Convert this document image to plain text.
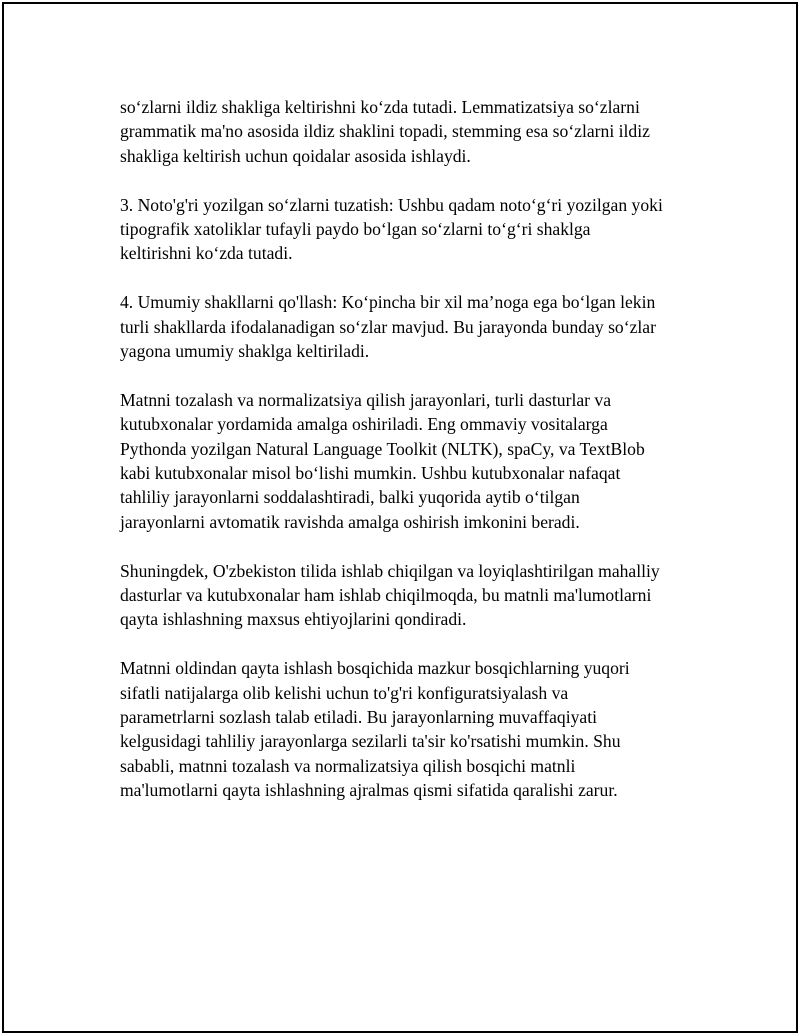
so‘zlarni ildiz shakliga keltirishni ko‘zda tutadi. Lemmatizatsiya so‘zlarni
grammatik ma'no asosida ildiz shaklini topadi, stemming esa so‘zlarni ildiz
shakliga keltirish uchun qoidalar asosida ishlaydi.

3. Noto'g'ri yozilgan so‘zlarni tuzatish: Ushbu qadam noto‘g‘ri yozilgan yoki
tipografik xatoliklar tufayli paydo bo‘lgan so‘zlarni to‘g‘ri shaklga
keltirishni ko‘zda tutadi.

4. Umumiy shakllarni qo'llash: Ko‘pincha bir xil ma’noga ega bo‘lgan lekin
turli shakllarda ifodalanadigan so‘zlar mavjud. Bu jarayonda bunday so‘zlar
yagona umumiy shaklga keltiriladi.

Matnni tozalash va normalizatsiya qilish jarayonlari, turli dasturlar va
kutubxonalar yordamida amalga oshiriladi. Eng ommaviy vositalarga
Pythonda yozilgan Natural Language Toolkit (NLTK), spaCy, va TextBlob
kabi kutubxonalar misol bo‘lishi mumkin. Ushbu kutubxonalar nafaqat
tahliliy jarayonlarni soddalashtiradi, balki yuqorida aytib o‘tilgan
jarayonlarni avtomatik ravishda amalga oshirish imkonini beradi.

Shuningdek, O'zbekiston tilida ishlab chiqilgan va loyiqlashtirilgan mahalliy
dasturlar va kutubxonalar ham ishlab chiqilmoqda, bu matnli ma'lumotlarni
qayta ishlashning maxsus ehtiyojlarini qondiradi.

Matnni oldindan qayta ishlash bosqichida mazkur bosqichlarning yuqori
sifatli natijalarga olib kelishi uchun to'g'ri konfiguratsiyalash va
parametrlarni sozlash talab etiladi. Bu jarayonlarning muvaffaqiyati
kelgusidagi tahliliy jarayonlarga sezilarli ta'sir ko'rsatishi mumkin. Shu
sababli, matnni tozalash va normalizatsiya qilish bosqichi matnli
ma'lumotlarni qayta ishlashning ajralmas qismi sifatida qaralishi zarur.
